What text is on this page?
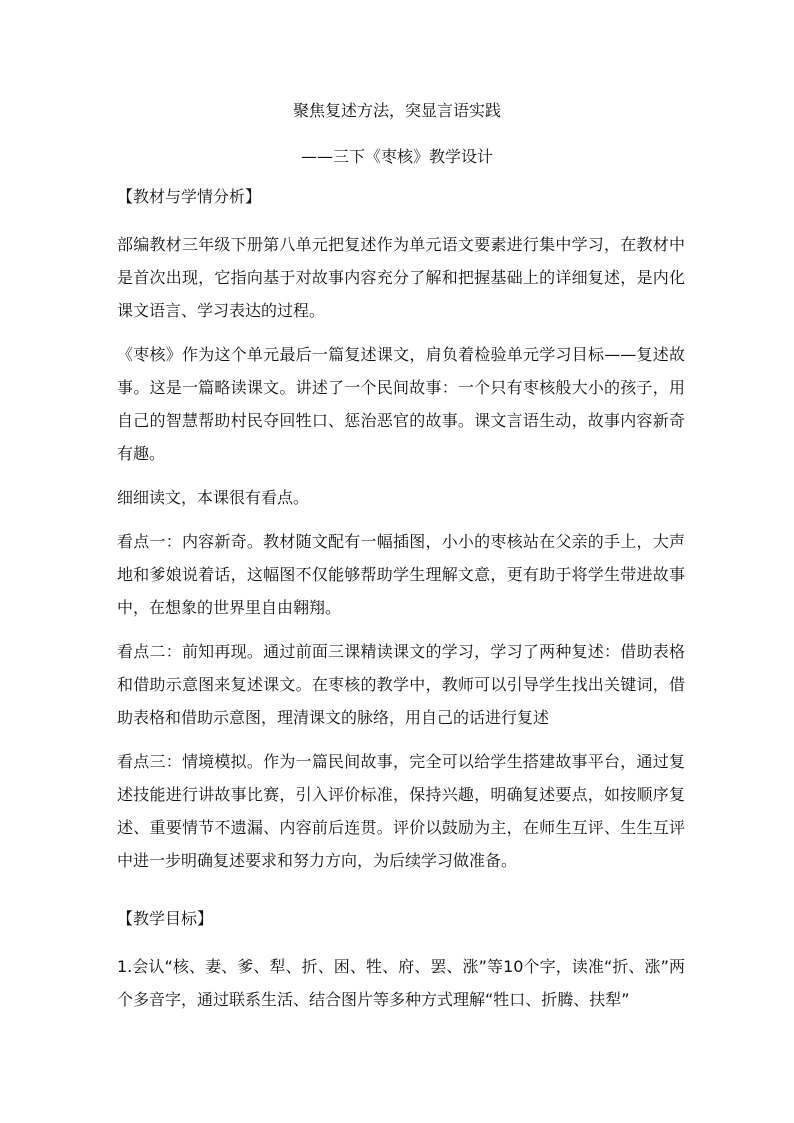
聚焦复述方法，突显言语实践
——三下《枣核》教学设计
【教材与学情分析】

部编教材三年级下册第八单元把复述作为单元语文要素进行集中学习，在教材中是首次出现，它指向基于对故事内容充分了解和把握基础上的详细复述，是内化课文语言、学习表达的过程。

《枣核》作为这个单元最后一篇复述课文，肩负着检验单元学习目标——复述故事。这是一篇略读课文。讲述了一个民间故事：一个只有枣核般大小的孩子，用自己的智慧帮助村民夺回牲口、惩治恶官的故事。课文言语生动，故事内容新奇有趣。

细细读文，本课很有看点。

看点一：内容新奇。教材随文配有一幅插图，小小的枣核站在父亲的手上，大声地和爹娘说着话，这幅图不仅能够帮助学生理解文意，更有助于将学生带进故事中，在想象的世界里自由翱翔。

看点二：前知再现。通过前面三课精读课文的学习，学习了两种复述：借助表格和借助示意图来复述课文。在枣核的教学中，教师可以引导学生找出关键词，借助表格和借助示意图，理清课文的脉络，用自己的话进行复述

看点三：情境模拟。作为一篇民间故事，完全可以给学生搭建故事平台，通过复述技能进行讲故事比赛，引入评价标准，保持兴趣，明确复述要点，如按顺序复述、重要情节不遗漏、内容前后连贯。评价以鼓励为主，在师生互评、生生互评中进一步明确复述要求和努力方向，为后续学习做准备。

【教学目标】

1.会认“核、妻、爹、犁、折、困、牲、府、罢、涨”等10个字，读准“折、涨”两个多音字，通过联系生活、结合图片等多种方式理解“牲口、折腾、扶犁”
